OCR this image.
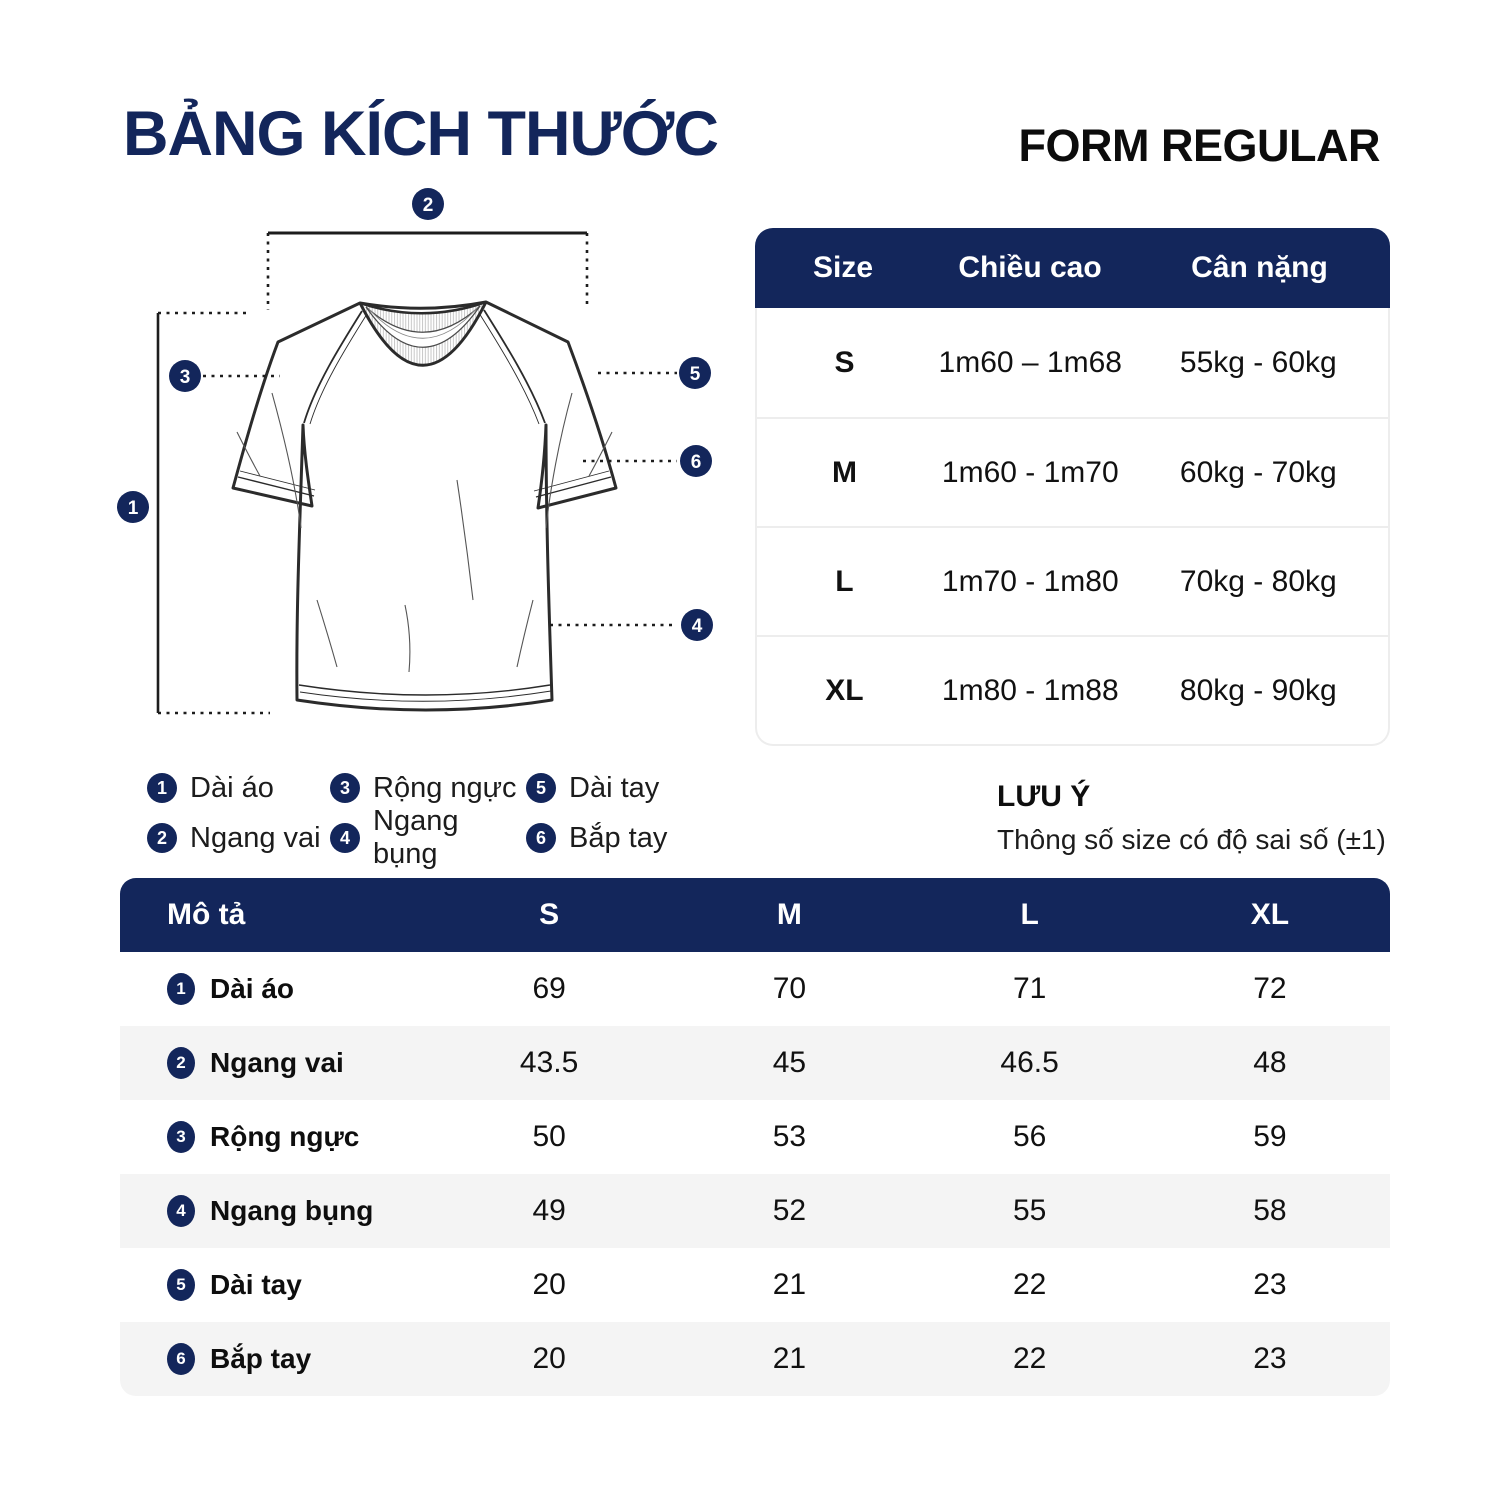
BẢNG KÍCH THƯỚC	FORM REGULAR
1
2
3
4
5
6
Size	Chiều cao	Cân nặng
S	1m60 – 1m68	55kg - 60kg
M	1m60 - 1m70	60kg - 70kg
L	1m70 - 1m80	70kg - 80kg
XL	1m80 - 1m88	80kg - 90kg
1 Dài áo
2 Ngang vai
3 Rộng ngực
4
Ngang bụng
5 Dài tay
6 Bắp tay
LƯU Ý
Thông số size có độ sai số (±1)
Mô tả	S	M	L	XL
1 Dài áo	69	70	71	72
2 Ngang vai	43.5	45	46.5	48
3 Rộng ngực	50	53	56	59
4 Ngang bụng	49	52	55	58
5 Dài tay	20	21	22	23
6 Bắp tay	20	21	22	23
